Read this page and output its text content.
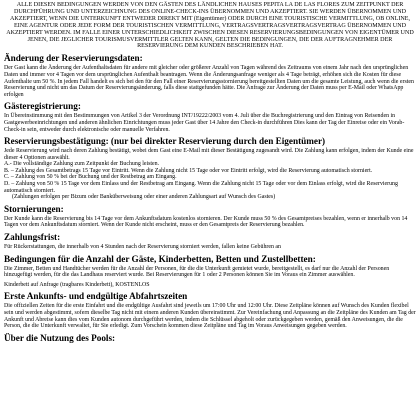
ALLE DIESEN BEDINGUNGEN WERDEN VON DEN GÄSTEN DES LÄNDLICHEN HAUSES PEPITA LA DE LAS FLORES ZUM ZEITPUNKT DER DURCHFÜHRUNG UND UNTERZEICHNUNG DES ONLINE-CHECK-INS ÜBERNOMMEN UND AKZEPTIERT. SIE WERDEN ÜBERNOMMEN UND AKZEPTIERT, WENN DIE UNTERKUNFT ENTWEDER DIREKT MIT (Eigentümer) ODER DURCH EINE TOURISTISCHE VERMITTLUNG, OB ONLINE, EINE AGENTUR ODER JEDE FORM DER TOURISTISCHEN VERMITTLUNG, VERTRAGSVERTRAGSVERTRAGSVERTRAG ÜBERNOMMEN UND AKZEPTIERT WERDEN. IM FALLE EINER UNTERSCHIEDLICHKEIT ZWISCHEN DIESEN RESERVIERUNGSBEDINGUNGEN VON EIGENTÜMER UND JENEN, DIE JEGLICHER TOURISMUSVERMITTLER GELTEN KANN, GELTEN DIE BEDINGUNGEN, DIE DER AUFTRAGNEHMER DER RESERVIERUNG DEM KUNDEN BESCHRIEBEN HAT.
Änderung der Reservierungsdaten:

Der Gast kann die Änderung der Aufenthaltsdaten für andere mit gleicher oder größerer Anzahl von Tagen während des Zeitraums von einem Jahr nach den ursprünglichen Daten und immer vor 4 Tagen vor dem ursprünglichen Aufenthalt beantragen. Wenn die Änderungsanfrage weniger als 4 Tage beträgt, erhöhen sich die Kosten für diese Aufenthalte um 50 %. In jedem Fall handelt es sich bei den für den Fall einer Reservierungsstornierung bereitgestellten Daten um die gesamte Leistung, auch wenn die ersten Reservierung und nicht um das Datum der Reservierungsänderung, falls diese stattgefunden hätte. Die Anfrage zur Änderung der Daten muss per E-Mail oder WhatsApp erfolgen

Gästeregistrierung:

In Übereinstimmung mit den Bestimmungen von Artikel 3 der Verordnung INT/19222/2003 vom 4. Juli über die Buchregistrierung und den Eintrag von Reisenden in Gastgewerbeeinrichtungen und anderen ähnlichen Einrichtungen muss jeder Gast über 14 Jahre den Check-in durchführen Dies kann der Tag der Einreise oder ein Vorab-Check-in sein, entweder durch elektronische oder manuelle Verfahren.

Reservierungsbestätigung: (nur bei direkter Reservierung durch den Eigentümer)

Jede Reservierung wird nach deren Zahlung bestätigt, wobei dem Gast eine E-Mail mit dieser Bestätigung zugesandt wird. Die Zahlung kann erfolgen, indem der Kunde eine dieser 4 Optionen auswählt.

A.- Die vollständige Zahlung zum Zeitpunkt der Buchung leisten.
B. – Zahlung des Gesamtbetrags 15 Tage vor Eintritt. Wenn die Zahlung nicht 15 Tage oder vor Eintritt erfolgt, wird die Reservierung automatisch storniert.
C. – Zahlung von 50 % bei der Buchung und der Restbetrag am Eingang.
D. – Zahlung von 50 % 15 Tage vor dem Einlass und der Restbetrag am Eingang. Wenn die Zahlung nicht 15 Tage oder vor dem Einlass erfolgt, wird die Reservierung automatisch storniert.
(Zahlungen erfolgen per Bizum oder Banküberweisung oder einer anderen Zahlungsart auf Wunsch des Gastes)
Stornierungen:

Der Kunde kann die Reservierung bis 14 Tage vor dem Ankunftsdatum kostenlos stornieren. Der Kunde muss 50 % des Gesamtpreises bezahlen, wenn er innerhalb von 14 Tagen vor dem Ankunftsdatum storniert. Wenn der Kunde nicht erscheint, muss er den Gesamtpreis der Reservierung bezahlen.

Zahlungsfrist:

Für Rückerstattungen, die innerhalb von 4 Stunden nach der Reservierung storniert werden, fallen keine Gebühren an

Bedingungen für die Anzahl der Gäste, Kinderbetten, Betten und Zustellbetten:

Die Zimmer, Betten und Handtücher werden für die Anzahl der Personen, für die die Unterkunft gemietet wurde, bereitgestellt, es darf nur die Anzahl der Personen hinzugefügt werden, für die das Landhaus reserviert wurde. Bei Reservierungen für 1 oder 2 Personen können Sie im Voraus ein Zimmer auswählen.

Kinderbett auf Anfrage (tragbares Kinderbett), KOSTENLOS

Erste Ankunfts- und endgültige Abfahrtszeiten

Die offiziellen Zeiten für die erste Einfahrt und die endgültige Ausfahrt sind jeweils um 17:00 Uhr und 12:00 Uhr. Diese Zeitpläne können auf Wunsch des Kunden flexibel sein und werden abgestimmt, sofern dieselbe Tag nicht mit einem anderen Kunden übereinstimmt. Zur Vereinfachung und Anpassung an die Zeitpläne des Kunden am Tag der Ankunft und Abreise kann dies vom Kunden autonom durchgeführt werden, indem die Schlüssel abgeholt oder zurückgegeben werden, gemäß den Anweisungen, die die Person, die die Unterkunft verwaltet, für Sie erledigt. Zum Vorschein kommen diese Zeitpläne und Tag im Voraus Anweisungen gegeben werden.

Über die Nutzung des Pools:
